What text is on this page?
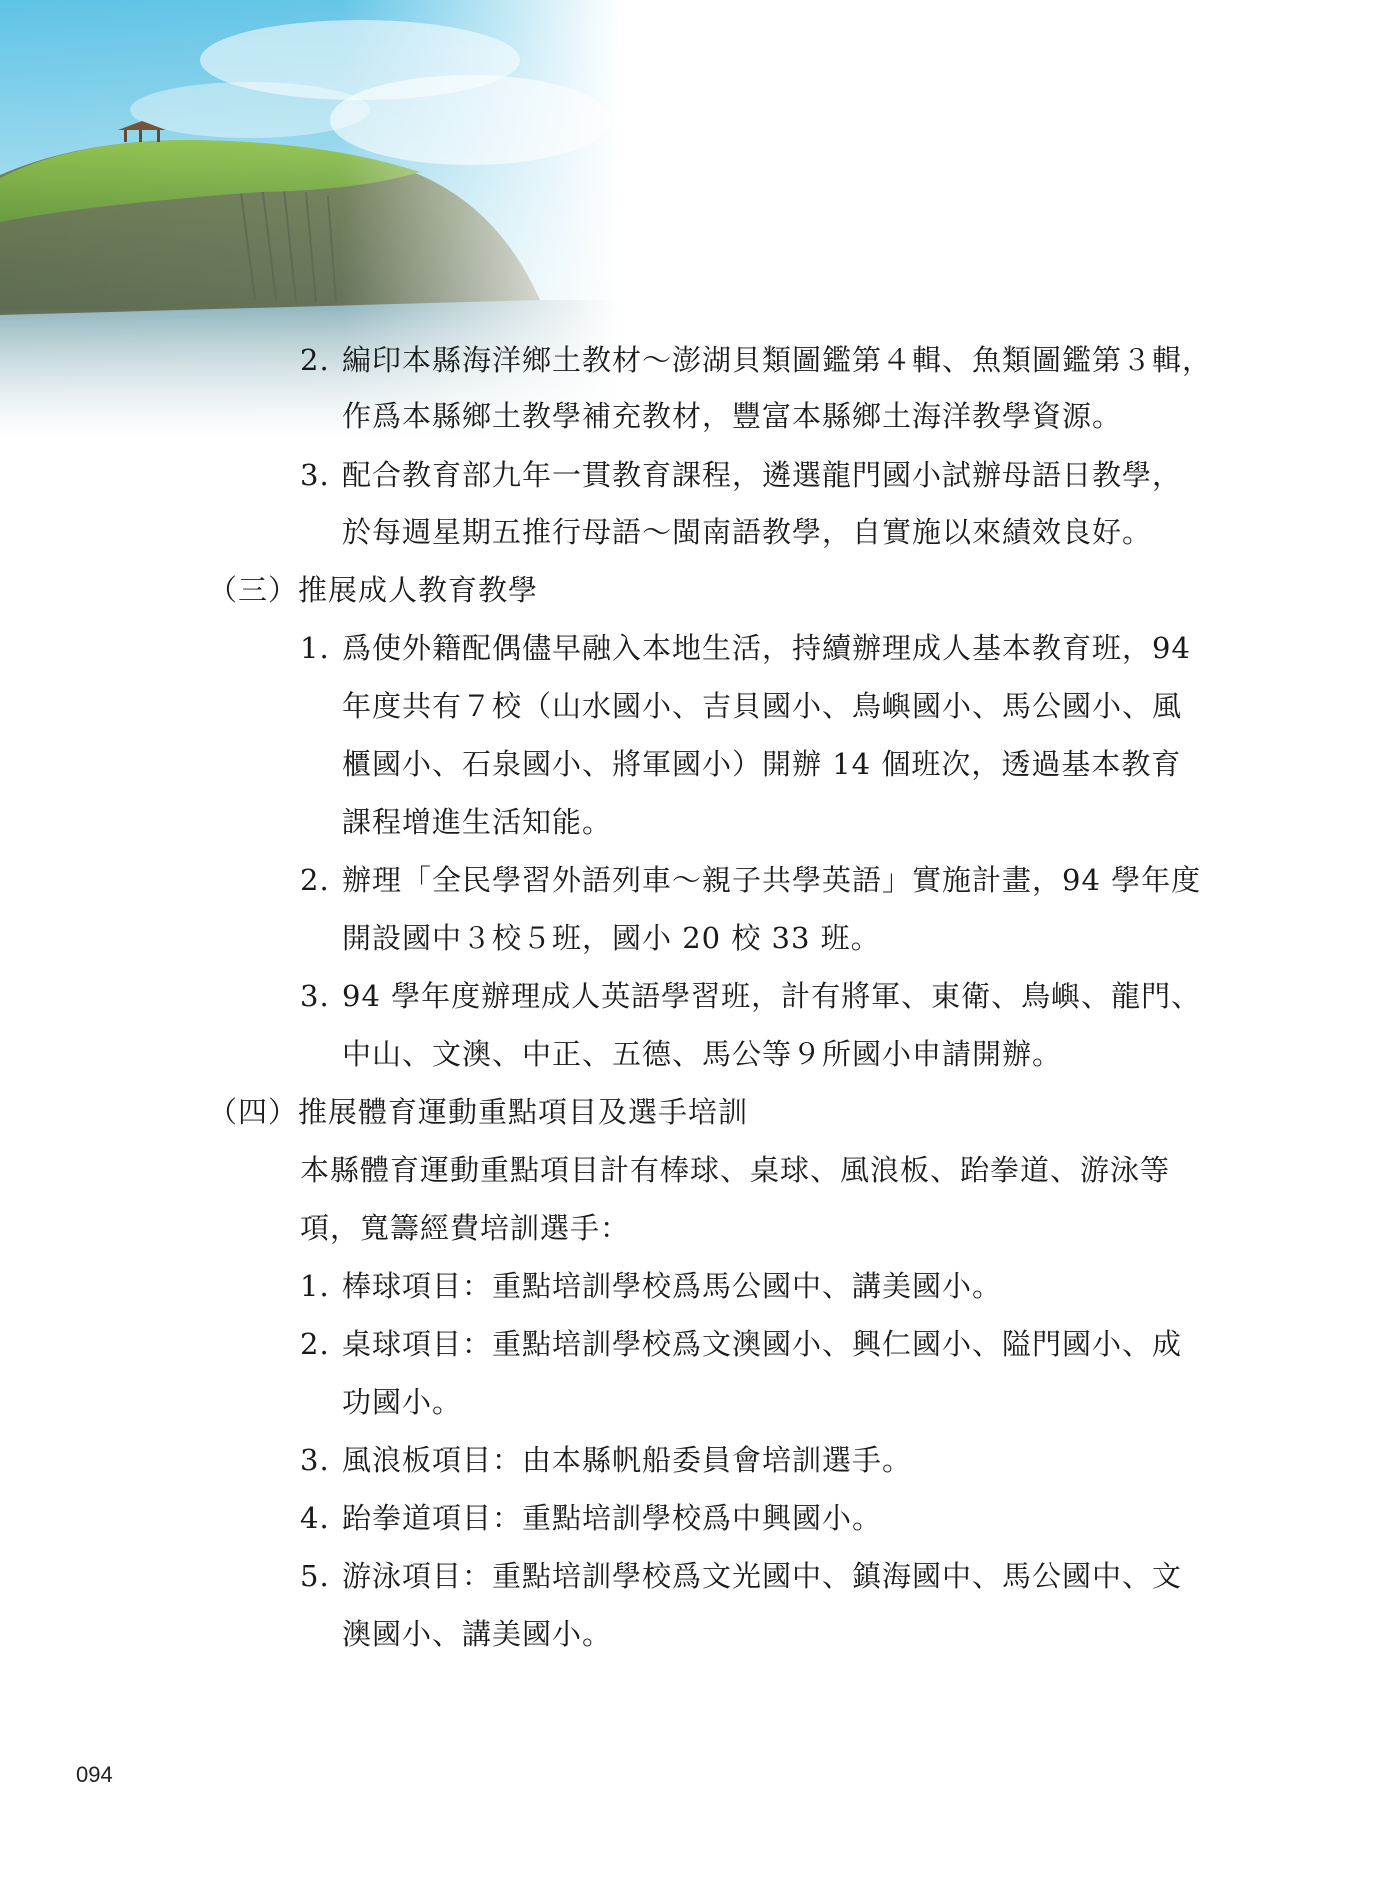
2. 編印本縣海洋鄉土教材～澎湖貝類圖鑑第４輯、魚類圖鑑第３輯，
作爲本縣鄉土教學補充教材，豐富本縣鄉土海洋教學資源。
3. 配合教育部九年一貫教育課程，遴選龍門國小試辦母語日教學，
於每週星期五推行母語～閩南語教學，自實施以來績效良好。
（三）推展成人教育教學
1. 爲使外籍配偶儘早融入本地生活，持續辦理成人基本教育班，94
年度共有７校（山水國小、吉貝國小、鳥嶼國小、馬公國小、風
櫃國小、石泉國小、將軍國小）開辦 14 個班次，透過基本教育
課程增進生活知能。
2. 辦理「全民學習外語列車～親子共學英語」實施計畫，94 學年度
開設國中３校５班，國小 20 校 33 班。
3. 94 學年度辦理成人英語學習班，計有將軍、東衛、鳥嶼、龍門、
中山、文澳、中正、五德、馬公等９所國小申請開辦。
（四）推展體育運動重點項目及選手培訓
本縣體育運動重點項目計有棒球、桌球、風浪板、跆拳道、游泳等
項，寬籌經費培訓選手：
1. 棒球項目：重點培訓學校爲馬公國中、講美國小。
2. 桌球項目：重點培訓學校爲文澳國小、興仁國小、隘門國小、成
功國小。
3. 風浪板項目：由本縣帆船委員會培訓選手。
4. 跆拳道項目：重點培訓學校爲中興國小。
5. 游泳項目：重點培訓學校爲文光國中、鎮海國中、馬公國中、文
澳國小、講美國小。
094
